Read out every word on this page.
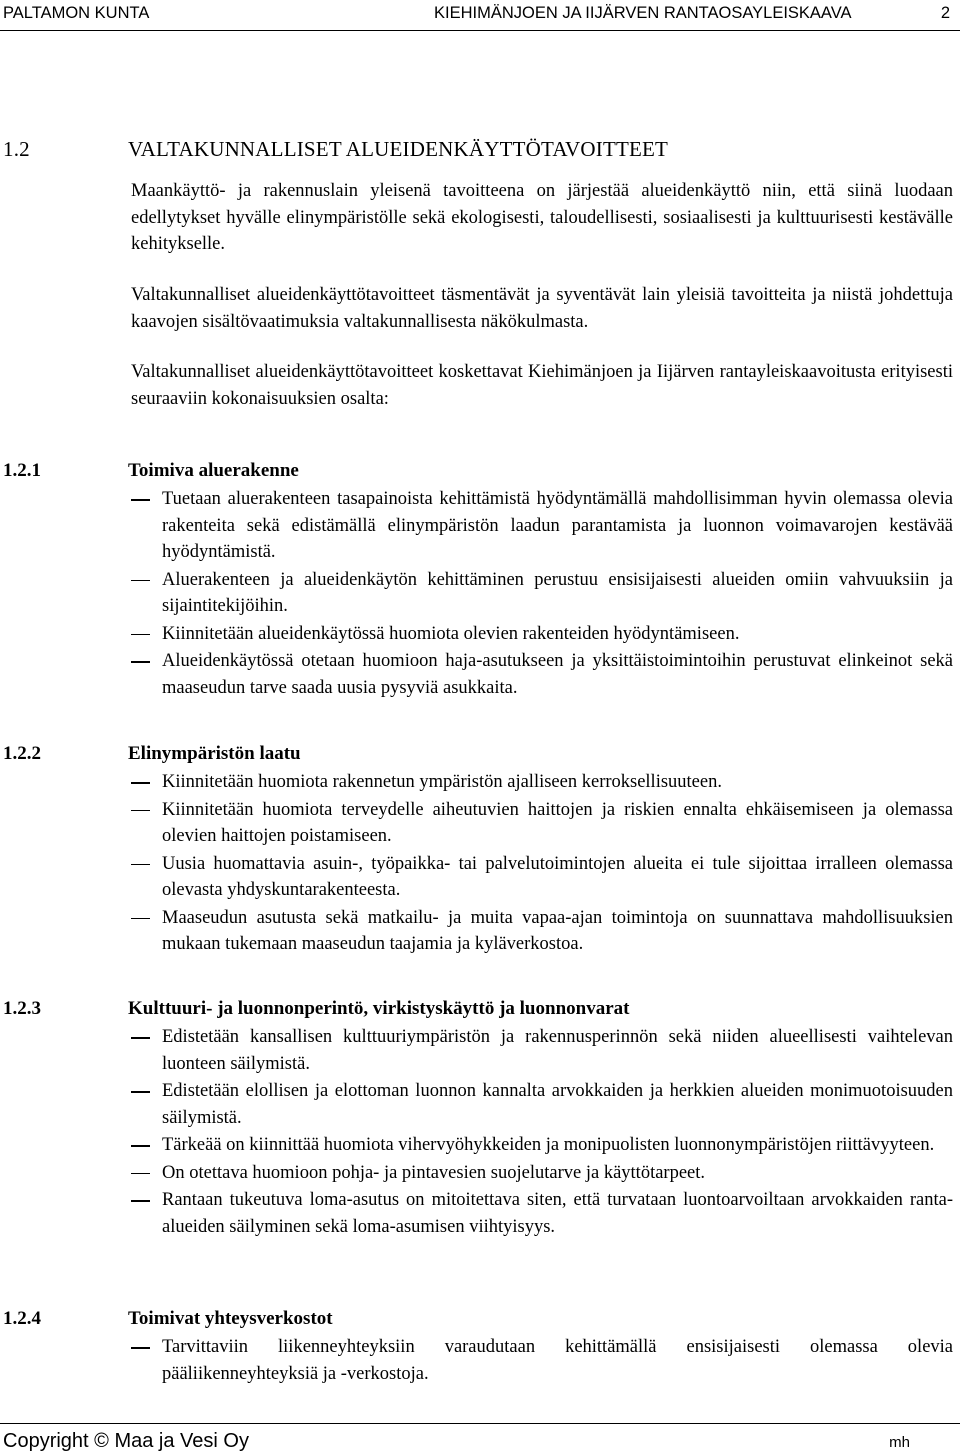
PALTAMON KUNTA	KIEHIMÄNJOEN JA IIJÄRVEN RANTAOSAYLEISKAAVA	2
1.2	VALTAKUNNALLISET ALUEIDENKÄYTTÖTAVOITTEET
Maankäyttö- ja rakennuslain yleisenä tavoitteena on järjestää alueidenkäyttö niin, että siinä luodaan edellytykset hyvälle elinympäristölle sekä ekologisesti, taloudellisesti, sosiaalisesti ja kulttuurisesti kestävälle kehitykselle.
Valtakunnalliset alueidenkäyttötavoitteet täsmentävät ja syventävät lain yleisiä tavoitteita ja niistä johdettuja kaavojen sisältövaatimuksia valtakunnallisesta näkökulmasta.
Valtakunnalliset alueidenkäyttötavoitteet koskettavat Kiehimänjoen ja Iijärven rantayleiskaavoitusta erityisesti seuraaviin kokonaisuuksien osalta:
1.2.1	Toimiva aluerakenne
Tuetaan aluerakenteen tasapainoista kehittämistä hyödyntämällä mahdollisimman hyvin olemassa olevia rakenteita sekä edistämällä elinympäristön laadun parantamista ja luonnon voimavarojen kestävää hyödyntämistä.
Aluerakenteen ja alueidenkäytön kehittäminen perustuu ensisijaisesti alueiden omiin vahvuuksiin ja sijaintitekijöihin.
Kiinnitetään alueidenkäytössä huomiota olevien rakenteiden hyödyntämiseen.
Alueidenkäytössä otetaan huomioon haja-asutukseen ja yksittäistoimintoihin perustuvat elinkeinot sekä maaseudun tarve saada uusia pysyviä asukkaita.
1.2.2	Elinympäristön laatu
Kiinnitetään huomiota rakennetun ympäristön ajalliseen kerroksellisuuteen.
Kiinnitetään huomiota terveydelle aiheutuvien haittojen ja riskien ennalta ehkäisemiseen ja olemassa olevien haittojen poistamiseen.
Uusia huomattavia asuin-, työpaikka- tai palvelutoimintojen alueita ei tule sijoittaa irralleen olemassa olevasta yhdyskuntarakenteesta.
Maaseudun asutusta sekä matkailu- ja muita vapaa-ajan toimintoja on suunnattava mahdollisuuksien mukaan tukemaan maaseudun taajamia ja kyläverkostoa.
1.2.3	Kulttuuri- ja luonnonperintö, virkistyskäyttö ja luonnonvarat
Edistetään kansallisen kulttuuriympäristön ja rakennusperinnön sekä niiden alueellisesti vaihtelevan luonteen säilymistä.
Edistetään elollisen ja elottoman luonnon kannalta arvokkaiden ja herkkien alueiden monimuotoisuuden säilymistä.
Tärkeää on kiinnittää huomiota vihervyöhykkeiden ja monipuolisten luonnonympäristöjen riittävyyteen.
On otettava huomioon pohja- ja pintavesien suojelutarve ja käyttötarpeet.
Rantaan tukeutuva loma-asutus on mitoitettava siten, että turvataan luontoarvoiltaan arvokkaiden ranta-alueiden säilyminen sekä loma-asumisen viihtyisyys.
1.2.4	Toimivat yhteysverkostot
Tarvittaviin liikenneyhteyksiin varaudutaan kehittämällä ensisijaisesti olemassa olevia pääliikenneyhteyksiä ja -verkostoja.
Copyright © Maa ja Vesi Oy	mh
